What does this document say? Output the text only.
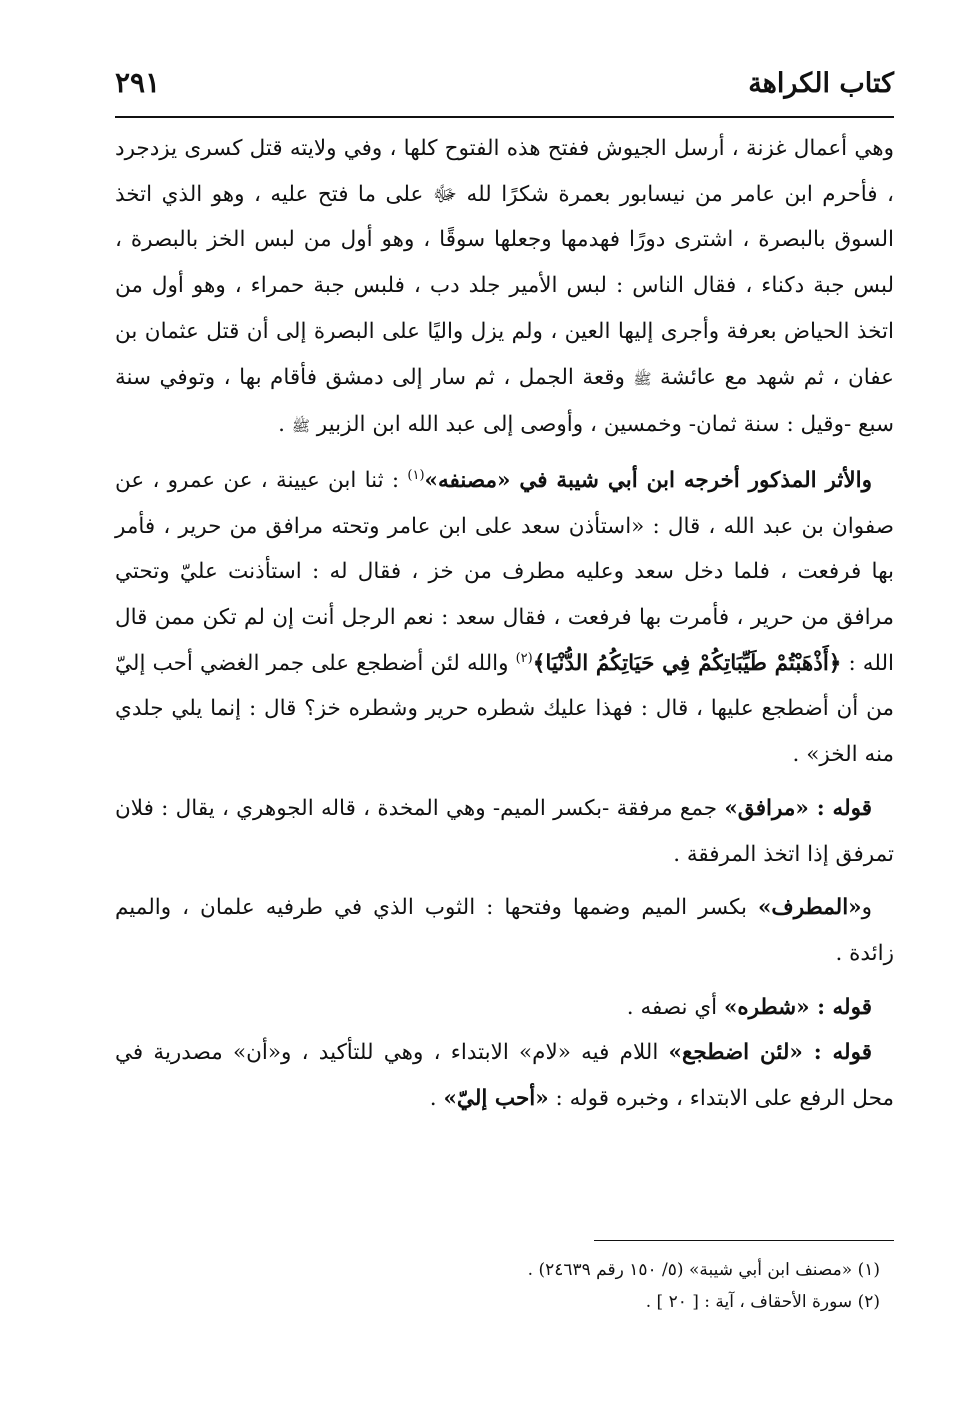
٢٩١	كتاب الكراهة

وهي أعمال غزنة ، أرسل الجيوش ففتح هذه الفتوح كلها ، وفي ولايته قتل كسرى يزدجرد ، فأحرم ابن عامر من نيسابور بعمرة شكرًا لله ﷻ على ما فتح عليه ، وهو الذي اتخذ السوق بالبصرة ، اشترى دورًا فهدمها وجعلها سوقًا ، وهو أول من لبس الخز بالبصرة ، لبس جبة دكناء ، فقال الناس : لبس الأمير جلد دب ، فلبس جبة حمراء ، وهو أول من اتخذ الحياض بعرفة وأجرى إليها العين ، ولم يزل واليًا على البصرة إلى أن قتل عثمان بن عفان ، ثم شهد مع عائشة ﷺ وقعة الجمل ، ثم سار إلى دمشق فأقام بها ، وتوفي سنة سبع -وقيل : سنة ثمان- وخمسين ، وأوصى إلى عبد الله ابن الزبير ﷺ .

والأثر المذكور أخرجه ابن أبي شيبة في «مصنفه»$^{(١)}$ : ثنا ابن عيينة ، عن عمرو ، عن صفوان بن عبد الله ، قال : «استأذن سعد على ابن عامر وتحته مرافق من حرير ، فأمر بها فرفعت ، فلما دخل سعد وعليه مطرف من خز ، فقال له : استأذنت عليّ وتحتي مرافق من حرير ، فأمرت بها فرفعت ، فقال سعد : نعم الرجل أنت إن لم تكن ممن قال الله : ﴿أَذْهَبْتُمْ طَيِّبَاتِكُمْ فِي حَيَاتِكُمُ الدُّنْيَا﴾$^{(٢)}$ والله لئن أضطجع على جمر الغضي أحب إليّ من أن أضطجع عليها ، قال : فهذا عليك شطره حرير وشطره خز؟ قال : إنما يلي جلدي منه الخز» .

قوله : «مرافق» جمع مرفقة -بكسر الميم- وهي المخدة ، قاله الجوهري ، يقال : فلان تمرفق إذا اتخذ المرفقة .

و«المطرف» بكسر الميم وضمها وفتحها : الثوب الذي في طرفيه علمان ، والميم زائدة .

قوله : «شطره» أي نصفه .

قوله : «لئن اضطجع» اللام فيه «لام» الابتداء ، وهي للتأكيد ، و«أن» مصدرية في محل الرفع على الابتداء ، وخبره قوله : «أحب إليّ» .

(١) «مصنف ابن أبي شيبة» (٥/ ١٥٠ رقم ٢٤٦٣٩) .

(٢) سورة الأحقاف ، آية : [ ٢٠ ] .
